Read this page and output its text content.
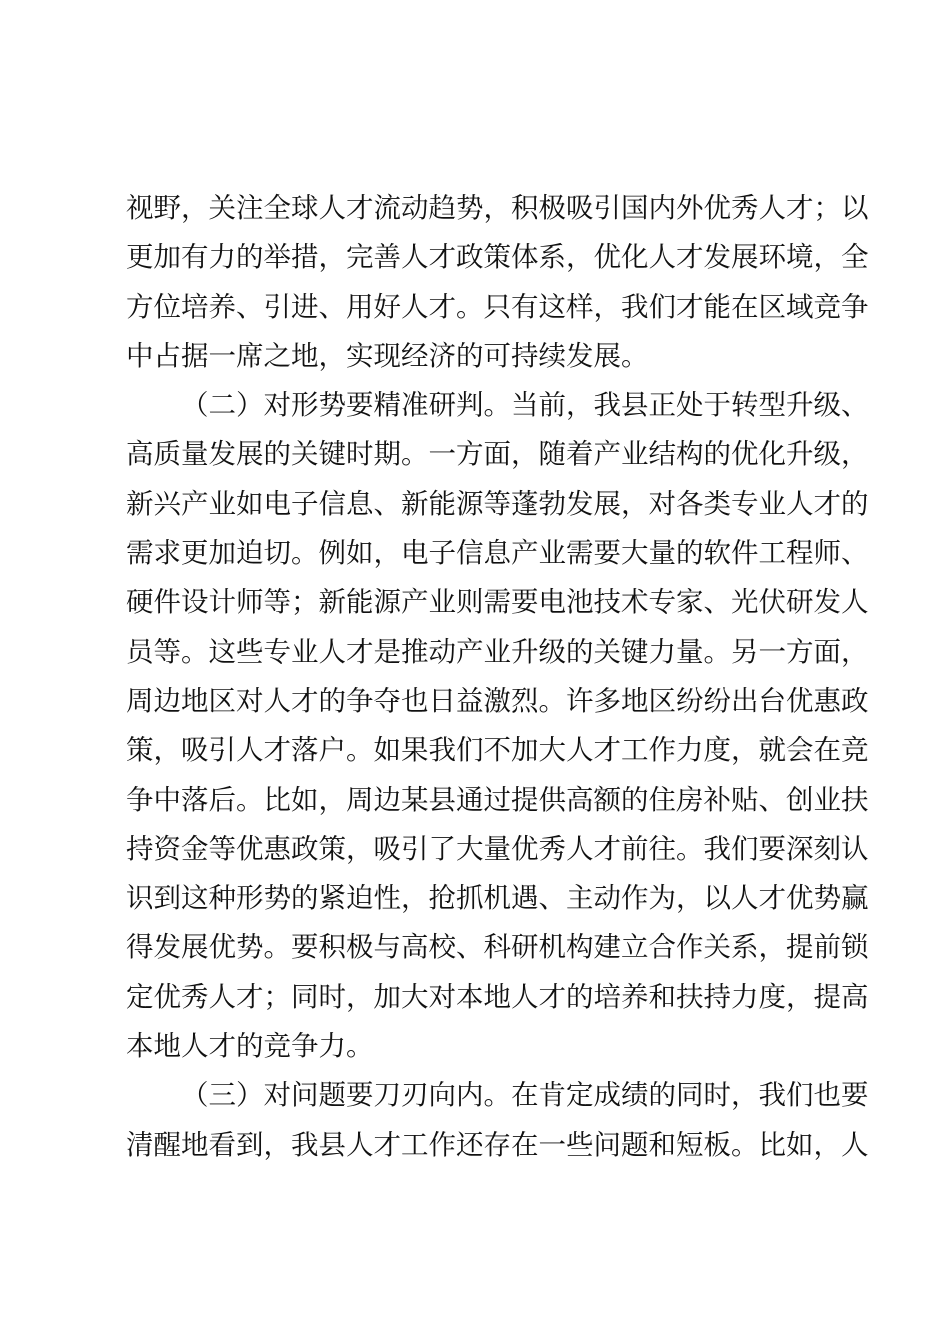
视野，关注全球人才流动趋势，积极吸引国内外优秀人才；以
更加有力的举措，完善人才政策体系，优化人才发展环境，全
方位培养、引进、用好人才。只有这样，我们才能在区域竞争
中占据一席之地，实现经济的可持续发展。
（二）对形势要精准研判。当前，我县正处于转型升级、
高质量发展的关键时期。一方面，随着产业结构的优化升级，
新兴产业如电子信息、新能源等蓬勃发展，对各类专业人才的
需求更加迫切。例如，电子信息产业需要大量的软件工程师、
硬件设计师等；新能源产业则需要电池技术专家、光伏研发人
员等。这些专业人才是推动产业升级的关键力量。另一方面，
周边地区对人才的争夺也日益激烈。许多地区纷纷出台优惠政
策，吸引人才落户。如果我们不加大人才工作力度，就会在竞
争中落后。比如，周边某县通过提供高额的住房补贴、创业扶
持资金等优惠政策，吸引了大量优秀人才前往。我们要深刻认
识到这种形势的紧迫性，抢抓机遇、主动作为，以人才优势赢
得发展优势。要积极与高校、科研机构建立合作关系，提前锁
定优秀人才；同时，加大对本地人才的培养和扶持力度，提高
本地人才的竞争力。
（三）对问题要刀刃向内。在肯定成绩的同时，我们也要
清醒地看到，我县人才工作还存在一些问题和短板。比如，人
